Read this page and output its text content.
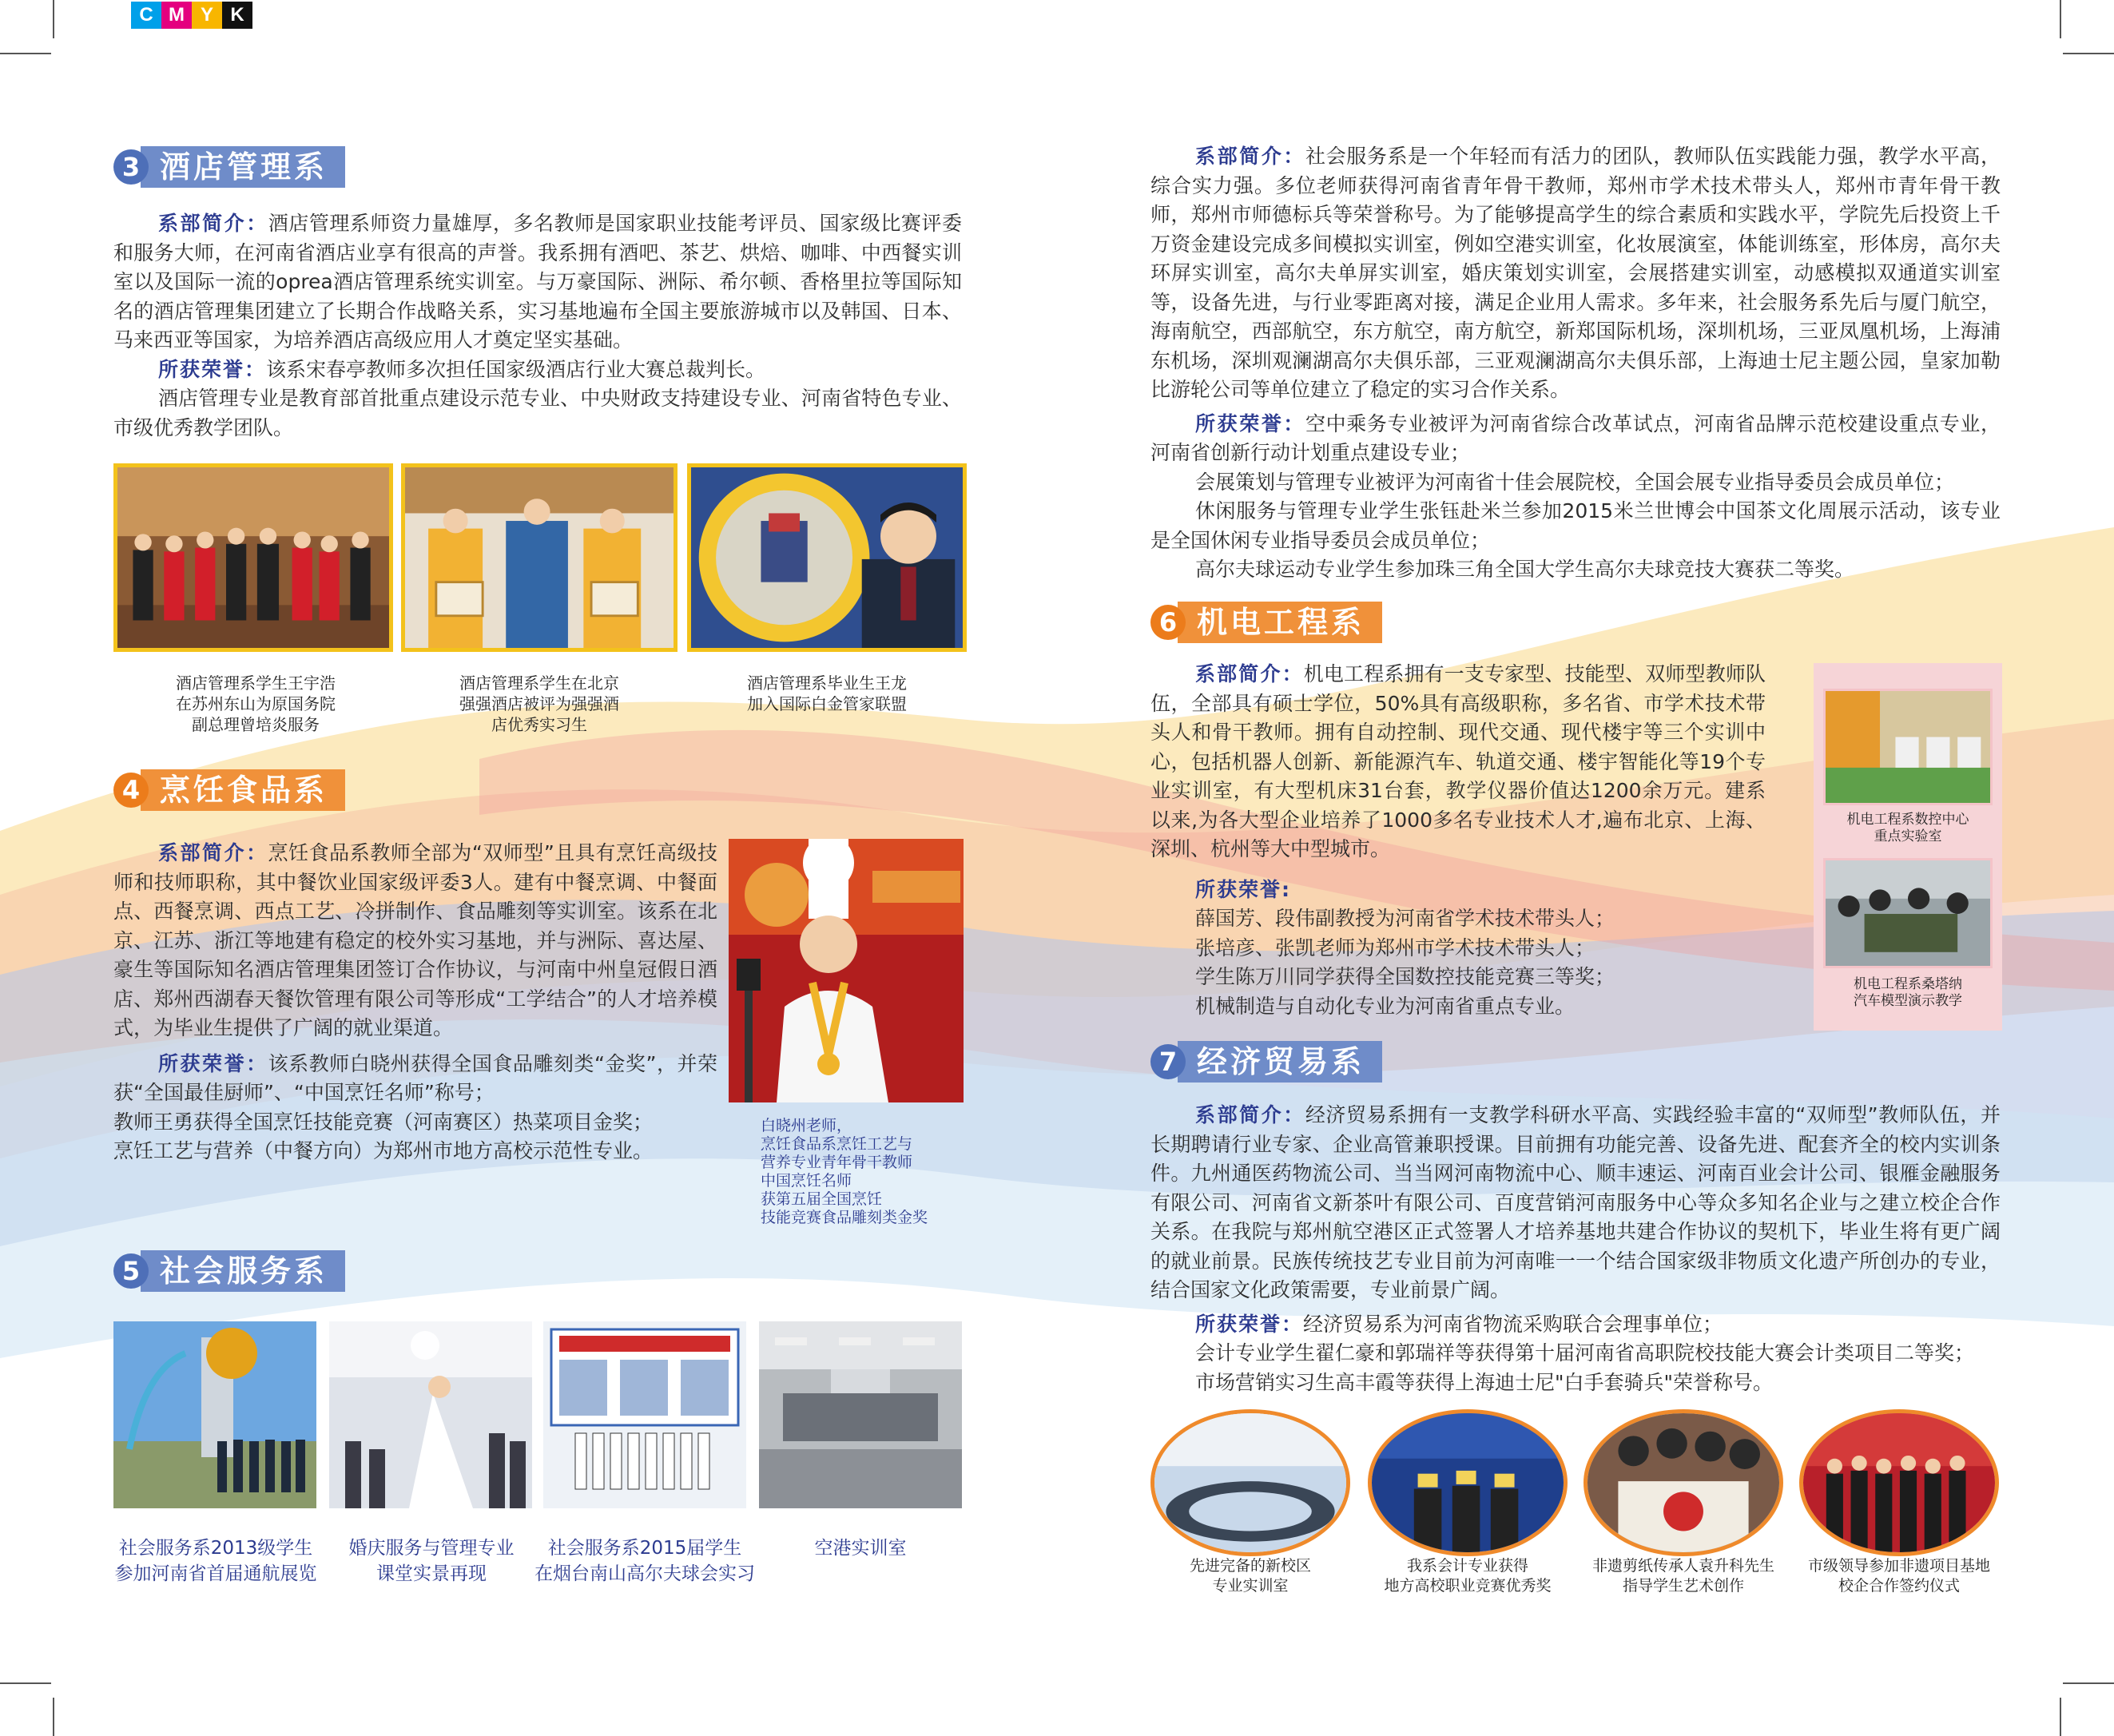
C M Y K
3 酒店管理系

系部简介：酒店管理系师资力量雄厚，多名教师是国家职业技能考评员、国家级比赛评委和服务大师，在河南省酒店业享有很高的声誉。我系拥有酒吧、茶艺、烘焙、咖啡、中西餐实训室以及国际一流的oprea酒店管理系统实训室。与万豪国际、洲际、希尔顿、香格里拉等国际知名的酒店管理集团建立了长期合作战略关系，实习基地遍布全国主要旅游城市以及韩国、日本、马来西亚等国家，为培养酒店高级应用人才奠定坚实基础。

所获荣誉：该系宋春亭教师多次担任国家级酒店行业大赛总裁判长。

酒店管理专业是教育部首批重点建设示范专业、中央财政支持建设专业、河南省特色专业、市级优秀教学团队。

酒店管理系学生王宇浩
在苏州东山为原国务院
副总理曾培炎服务
酒店管理系学生在北京
强强酒店被评为强强酒
店优秀实习生
酒店管理系毕业生王龙
加入国际白金管家联盟
4 烹饪食品系

系部简介：烹饪食品系教师全部为“双师型”且具有烹饪高级技师和技师职称，其中餐饮业国家级评委3人。建有中餐烹调、中餐面点、西餐烹调、西点工艺、冷拼制作、食品雕刻等实训室。该系在北京、江苏、浙江等地建有稳定的校外实习基地，并与洲际、喜达屋、豪生等国际知名酒店管理集团签订合作协议，与河南中州皇冠假日酒店、郑州西湖春天餐饮管理有限公司等形成“工学结合”的人才培养模式，为毕业生提供了广阔的就业渠道。

所获荣誉：该系教师白晓州获得全国食品雕刻类“金奖”，并荣获“全国最佳厨师”、“中国烹饪名师”称号；

教师王勇获得全国烹饪技能竞赛（河南赛区）热菜项目金奖；

烹饪工艺与营养（中餐方向）为郑州市地方高校示范性专业。

白晓州老师，
烹饪食品系烹饪工艺与
营养专业青年骨干教师
中国烹饪名师
获第五届全国烹饪
技能竞赛食品雕刻类金奖
5 社会服务系
社会服务系2013级学生
参加河南省首届通航展览
婚庆服务与管理专业
课堂实景再现
社会服务系2015届学生
在烟台南山高尔夫球会实习
空港实训室

系部简介：社会服务系是一个年轻而有活力的团队，教师队伍实践能力强，教学水平高，综合实力强。多位老师获得河南省青年骨干教师，郑州市学术技术带头人，郑州市青年骨干教师，郑州市师德标兵等荣誉称号。为了能够提高学生的综合素质和实践水平，学院先后投资上千万资金建设完成多间模拟实训室，例如空港实训室，化妆展演室，体能训练室，形体房，高尔夫环屏实训室，高尔夫单屏实训室，婚庆策划实训室，会展搭建实训室，动感模拟双通道实训室等，设备先进，与行业零距离对接，满足企业用人需求。多年来，社会服务系先后与厦门航空，海南航空，西部航空，东方航空，南方航空，新郑国际机场，深圳机场，三亚凤凰机场，上海浦东机场，深圳观澜湖高尔夫俱乐部，三亚观澜湖高尔夫俱乐部，上海迪士尼主题公园，皇家加勒比游轮公司等单位建立了稳定的实习合作关系。

所获荣誉：空中乘务专业被评为河南省综合改革试点，河南省品牌示范校建设重点专业，河南省创新行动计划重点建设专业；

会展策划与管理专业被评为河南省十佳会展院校，全国会展专业指导委员会成员单位；

休闲服务与管理专业学生张钰赴米兰参加2015米兰世博会中国茶文化周展示活动，该专业是全国休闲专业指导委员会成员单位；

高尔夫球运动专业学生参加珠三角全国大学生高尔夫球竞技大赛获二等奖。

6 机电工程系

系部简介：机电工程系拥有一支专家型、技能型、双师型教师队伍，全部具有硕士学位，50%具有高级职称，多名省、市学术技术带头人和骨干教师。拥有自动控制、现代交通、现代楼宇等三个实训中心，包括机器人创新、新能源汽车、轨道交通、楼宇智能化等19个专业实训室，有大型机床31台套，教学仪器价值达1200余万元。建系以来,为各大型企业培养了1000多名专业技术人才,遍布北京、上海、深圳、杭州等大中型城市。

所获荣誉:

薛国芳、段伟副教授为河南省学术技术带头人；

张培彦、张凯老师为郑州市学术技术带头人；

学生陈万川同学获得全国数控技能竞赛三等奖；

机械制造与自动化专业为河南省重点专业。

机电工程系数控中心
重点实验室
机电工程系桑塔纳
汽车模型演示教学
7 经济贸易系

系部简介：经济贸易系拥有一支教学科研水平高、实践经验丰富的“双师型”教师队伍，并长期聘请行业专家、企业高管兼职授课。目前拥有功能完善、设备先进、配套齐全的校内实训条件。九州通医药物流公司、当当网河南物流中心、顺丰速运、河南百业会计公司、银雁金融服务有限公司、河南省文新茶叶有限公司、百度营销河南服务中心等众多知名企业与之建立校企合作关系。在我院与郑州航空港区正式签署人才培养基地共建合作协议的契机下，毕业生将有更广阔的就业前景。民族传统技艺专业目前为河南唯一一个结合国家级非物质文化遗产所创办的专业，结合国家文化政策需要，专业前景广阔。

所获荣誉：经济贸易系为河南省物流采购联合会理事单位；

会计专业学生翟仁豪和郭瑞祥等获得第十届河南省高职院校技能大赛会计类项目二等奖；

市场营销实习生高丰霞等获得上海迪士尼"白手套骑兵"荣誉称号。

先进完备的新校区
专业实训室
我系会计专业获得
地方高校职业竞赛优秀奖
非遗剪纸传承人袁升科先生
指导学生艺术创作
市级领导参加非遗项目基地
校企合作签约仪式
